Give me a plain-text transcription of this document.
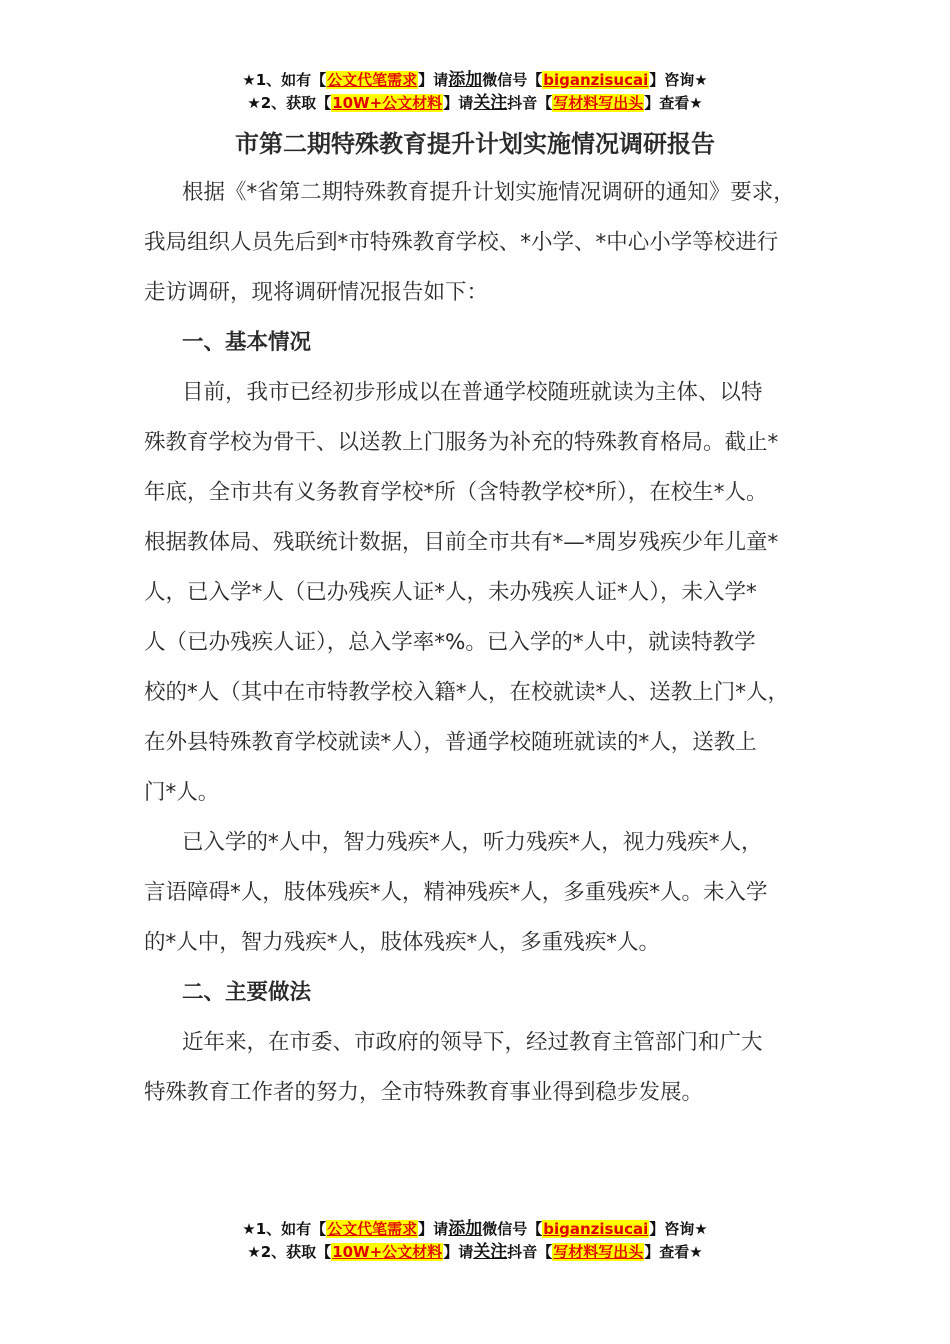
★1、如有【公文代笔需求】请添加微信号【biganzisucai】咨询★
★2、获取【10W+公文材料】请关注抖音【写材料写出头】查看★
市第二期特殊教育提升计划实施情况调研报告

根据《*省第二期特殊教育提升计划实施情况调研的通知》要求，
我局组织人员先后到*市特殊教育学校、*小学、*中心小学等校进行
走访调研，现将调研情况报告如下：

一、基本情况

目前，我市已经初步形成以在普通学校随班就读为主体、以特
殊教育学校为骨干、以送教上门服务为补充的特殊教育格局。截止*
年底，全市共有义务教育学校*所（含特教学校*所），在校生*人。
根据教体局、残联统计数据，目前全市共有*—*周岁残疾少年儿童*
人，已入学*人（已办残疾人证*人，未办残疾人证*人），未入学*
人（已办残疾人证），总入学率*%。已入学的*人中，就读特教学
校的*人（其中在市特教学校入籍*人，在校就读*人、送教上门*人，
在外县特殊教育学校就读*人），普通学校随班就读的*人，送教上
门*人。

已入学的*人中，智力残疾*人，听力残疾*人，视力残疾*人，
言语障碍*人，肢体残疾*人，精神残疾*人，多重残疾*人。未入学
的*人中，智力残疾*人，肢体残疾*人，多重残疾*人。

二、主要做法

近年来，在市委、市政府的领导下，经过教育主管部门和广大
特殊教育工作者的努力，全市特殊教育事业得到稳步发展。

★1、如有【公文代笔需求】请添加微信号【biganzisucai】咨询★
★2、获取【10W+公文材料】请关注抖音【写材料写出头】查看★
